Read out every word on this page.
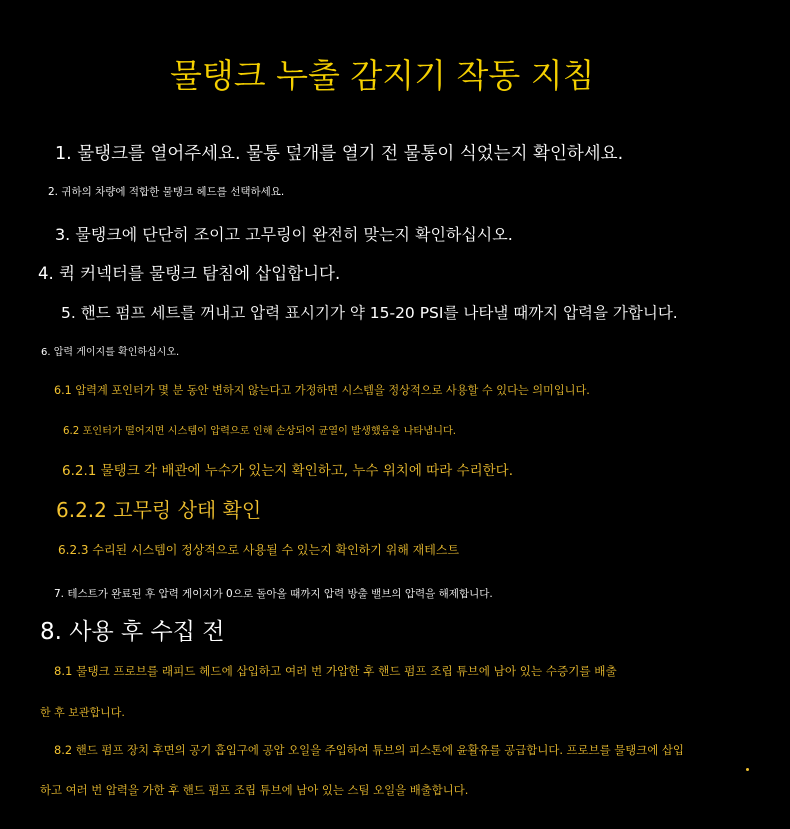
물탱크 누출 감지기 작동 지침

1. 물탱크를 열어주세요. 물통 덮개를 열기 전 물통이 식었는지 확인하세요.

2. 귀하의 차량에 적합한 물탱크 헤드를 선택하세요.

3. 물탱크에 단단히 조이고 고무링이 완전히 맞는지 확인하십시오.

4. 퀵 커넥터를 물탱크 탐침에 삽입합니다.

5. 핸드 펌프 세트를 꺼내고 압력 표시기가 약 15-20 PSI를 나타낼 때까지 압력을 가합니다.

6. 압력 게이지를 확인하십시오.

6.1 압력계 포인터가 몇 분 동안 변하지 않는다고 가정하면 시스템을 정상적으로 사용할 수 있다는 의미입니다.

6.2 포인터가 떨어지면 시스템이 압력으로 인해 손상되어 균열이 발생했음을 나타냅니다.

6.2.1 물탱크 각 배관에 누수가 있는지 확인하고, 누수 위치에 따라 수리한다.

6.2.2 고무링 상태 확인

6.2.3 수리된 시스템이 정상적으로 사용될 수 있는지 확인하기 위해 재테스트

7. 테스트가 완료된 후 압력 게이지가 0으로 돌아올 때까지 압력 방출 밸브의 압력을 해제합니다.

8. 사용 후 수집 전

8.1 물탱크 프로브를 래피드 헤드에 삽입하고 여러 번 가압한 후 핸드 펌프 조립 튜브에 남아 있는 수증기를 배출

한 후 보관합니다.

8.2 핸드 펌프 장치 후면의 공기 흡입구에 공압 오일을 주입하여 튜브의 피스톤에 윤활유를 공급합니다. 프로브를 물탱크에 삽입

하고 여러 번 압력을 가한 후 핸드 펌프 조립 튜브에 남아 있는 스팀 오일을 배출합니다.
